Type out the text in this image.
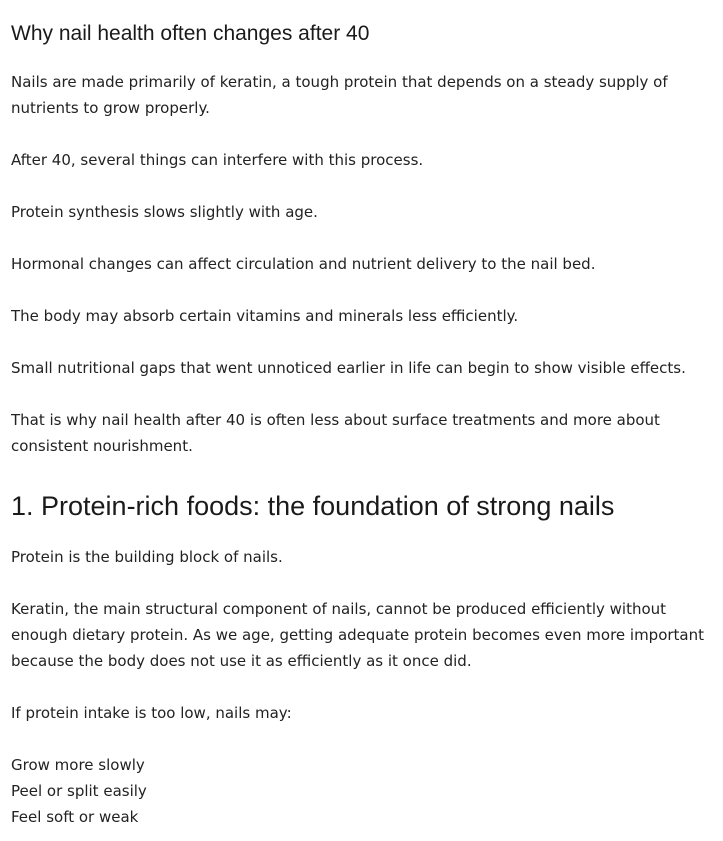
Why nail health often changes after 40

Nails are made primarily of keratin, a tough protein that depends on a steady supply of nutrients to grow properly.

After 40, several things can interfere with this process.

Protein synthesis slows slightly with age.

Hormonal changes can affect circulation and nutrient delivery to the nail bed.

The body may absorb certain vitamins and minerals less efficiently.

Small nutritional gaps that went unnoticed earlier in life can begin to show visible effects.

That is why nail health after 40 is often less about surface treatments and more about consistent nourishment.

1. Protein-rich foods: the foundation of strong nails

Protein is the building block of nails.

Keratin, the main structural component of nails, cannot be produced efficiently without enough dietary protein. As we age, getting adequate protein becomes even more important because the body does not use it as efficiently as it once did.

If protein intake is too low, nails may:

Grow more slowly
Peel or split easily
Feel soft or weak
